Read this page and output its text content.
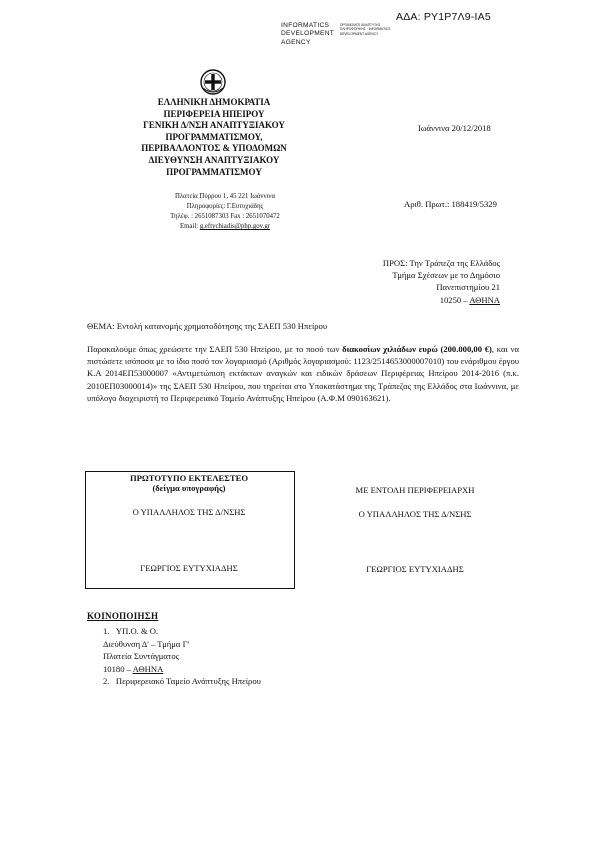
ΑΔΑ: ΡΥ1Ρ7Λ9-ΙΑ5
INFORMATICS
DEVELOPMENT
AGENCY
ΟΡΓΑΝΙΣΜΟΣ ΑΝΑΠΤΥΞΗΣ ΠΛΗΡΟΦΟΡΙΚΗΣ · INFORMATICS DEVELOPMENT AGENCY
ΕΛΛΗΝΙΚΗ ΔΗΜΟΚΡΑΤΙΑ
ΠΕΡΙΦΕΡΕΙΑ ΗΠΕΙΡΟΥ
ΓΕΝΙΚΗ Δ/ΝΣΗ ΑΝΑΠΤΥΞΙΑΚΟΥ
ΠΡΟΓΡΑΜΜΑΤΙΣΜΟΥ,
ΠΕΡΙΒΑΛΛΟΝΤΟΣ & ΥΠΟΔΟΜΩΝ
ΔΙΕΥΘΥΝΣΗ ΑΝΑΠΤΥΞΙΑΚΟΥ
ΠΡΟΓΡΑΜΜΑΤΙΣΜΟΥ
Πλατεία Πύρρου 1, 45 221 Ιωάννινα
Πληροφορίες: Γ.Ευτυχιάδης
Τηλέφ. : 2651087303 Fax : 2651070472
Email: g.eftychiadis@php.gov.gr
Ιωάννινα 20/12/2018
Αριθ. Πρωτ.: 188419/5329
ΠΡΟΣ: Την Τράπεζα της Ελλάδος
Τμήμα Σχέσεων με το Δημόσιο
Πανεπιστημίου 21
10250 – ΑΘΗΝΑ
ΘΕΜΑ: Εντολή κατανομής χρηματοδότησης της ΣΑΕΠ 530 Ηπείρου
Παρακαλούμε όπως χρεώσετε την ΣΑΕΠ 530 Ηπείρου, με το ποσό των διακοσίων χιλιάδων ευρώ (200.000,00 €), και να πιστώσετε ισόποσα με το ίδιο ποσό τον λογαριασμό (Αριθμός λογαριασμού: 1123/2514653000007010) του ενάριθμου έργου Κ.Α 2014ΕΠ53000007 «Αντιμετώπιση εκτάκτων αναγκών και ειδικών δράσεων Περιφέρειας Ηπείρου 2014-2016 (π.κ. 2010ΕΠ03000014)» της ΣΑΕΠ 530 Ηπείρου, που τηρείται στο Υποκατάστημα της Τράπεζας της Ελλάδος στα Ιωάννινα, με υπόλογο διαχειριστή το Περιφερειακό Ταμείο Ανάπτυξης Ηπείρου (Α.Φ.Μ 090163621).
ΠΡΩΤΟΤΥΠΟ ΕΚΤΕΛΕΣΤΕΟ
(δείγμα υπογραφής)
Ο ΥΠΑΛΛΗΛΟΣ ΤΗΣ Δ/ΝΣΗΣ
ΓΕΩΡΓΙΟΣ ΕΥΤΥΧΙΑΔΗΣ
ΜΕ ΕΝΤΟΛΗ ΠΕΡΙΦΕΡΕΙΑΡΧΗ
Ο ΥΠΑΛΛΗΛΟΣ ΤΗΣ Δ/ΝΣΗΣ
ΓΕΩΡΓΙΟΣ ΕΥΤΥΧΙΑΔΗΣ
ΚΟΙΝΟΠΟΙΗΣΗ
1. ΥΠ.Ο. & Ο.
Διεύθυνση Δ' – Τμήμα Γ'
Πλατεία Συντάγματος
10180 – ΑΘΗΝΑ
2. Περιφερειακό Ταμείο Ανάπτυξης Ηπείρου
